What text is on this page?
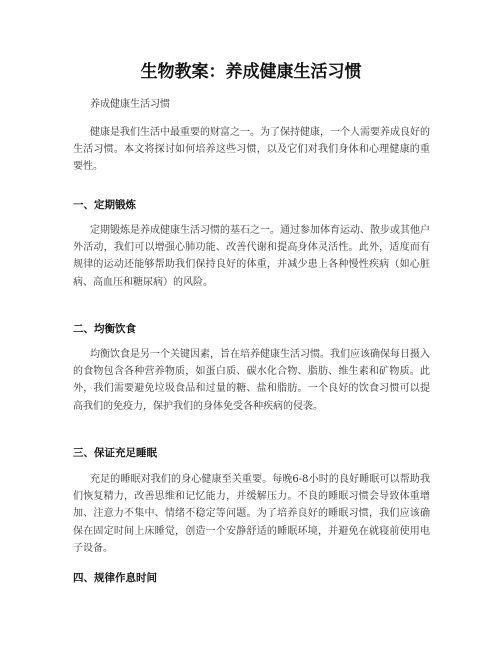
生物教案：养成健康生活习惯

养成健康生活习惯

健康是我们生活中最重要的财富之一。为了保持健康，一个人需要养成良好的生活习惯。本文将探讨如何培养这些习惯，以及它们对我们身体和心理健康的重要性。

一、定期锻炼

定期锻炼是养成健康生活习惯的基石之一。通过参加体育运动、散步或其他户外活动，我们可以增强心肺功能、改善代谢和提高身体灵活性。此外，适度而有规律的运动还能够帮助我们保持良好的体重，并减少患上各种慢性疾病（如心脏病、高血压和糖尿病）的风险。

二、均衡饮食

均衡饮食是另一个关键因素，旨在培养健康生活习惯。我们应该确保每日摄入的食物包含各种营养物质，如蛋白质、碳水化合物、脂肪、维生素和矿物质。此外，我们需要避免垃圾食品和过量的糖、盐和脂肪。一个良好的饮食习惯可以提高我们的免疫力，保护我们的身体免受各种疾病的侵袭。

三、保证充足睡眠

充足的睡眠对我们的身心健康至关重要。每晚6-8小时的良好睡眠可以帮助我们恢复精力，改善思维和记忆能力，并缓解压力。不良的睡眠习惯会导致体重增加、注意力不集中、情绪不稳定等问题。为了培养良好的睡眠习惯，我们应该确保在固定时间上床睡觉，创造一个安静舒适的睡眠环境，并避免在就寝前使用电子设备。

四、规律作息时间
